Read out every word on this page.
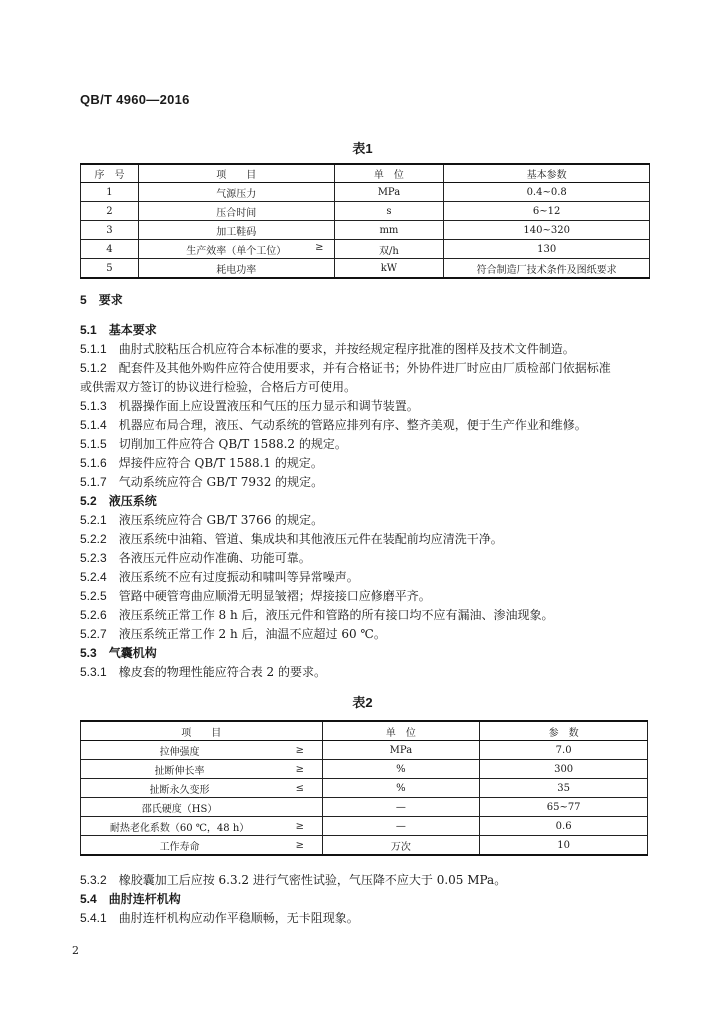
QB/T 4960—2016
表1
序　号	项　　目	单　位	基本参数
1	气源压力	MPa	0.4~0.8
2	压合时间	s	6~12
3	加工鞋码	mm	140~320
4	生产效率（单个工位） ≥	双/h	130
5	耗电功率	kW	符合制造厂技术条件及图纸要求
5　 要求
5.1　 基本要求
5.1.1　 曲肘式胶粘压合机应符合本标准的要求，并按经规定程序批准的图样及技术文件制造。
5.1.2　 配套件及其他外购件应符合使用要求，并有合格证书；外协件进厂时应由厂质检部门依据标准
或供需双方签订的协议进行检验，合格后方可使用。
5.1.3　 机器操作面上应设置液压和气压的压力显示和调节装置。
5.1.4　 机器应布局合理，液压、气动系统的管路应排列有序、整齐美观，便于生产作业和维修。
5.1.5　 切削加工件应符合 QB/T 1588.2 的规定。
5.1.6　 焊接件应符合 QB/T 1588.1 的规定。
5.1.7　 气动系统应符合 GB/T 7932 的规定。
5.2　 液压系统
5.2.1　 液压系统应符合 GB/T 3766 的规定。
5.2.2　 液压系统中油箱、管道、集成块和其他液压元件在装配前均应清洗干净。
5.2.3　 各液压元件应动作准确、功能可靠。
5.2.4　 液压系统不应有过度振动和啸叫等异常噪声。
5.2.5　 管路中硬管弯曲应顺滑无明显皱褶；焊接接口应修磨平齐。
5.2.6　 液压系统正常工作 8 h 后，液压元件和管路的所有接口均不应有漏油、渗油现象。
5.2.7　 液压系统正常工作 2 h 后，油温不应超过 60 ℃。
5.3　 气囊机构
5.3.1　 橡皮套的物理性能应符合表 2 的要求。
表2
项　　目		单　位	参　数
拉伸强度	≥	MPa	7.0
扯断伸长率	≥	%	300
扯断永久变形	≤	%	35
邵氏硬度（HS）		—	65~77
耐热老化系数（60 ℃，48 h）	≥	—	0.6
工作寿命	≥	万次	10
5.3.2　 橡胶囊加工后应按 6.3.2 进行气密性试验，气压降不应大于 0.05 MPa。
5.4　 曲肘连杆机构
5.4.1　 曲肘连杆机构应动作平稳顺畅，无卡阻现象。
2
